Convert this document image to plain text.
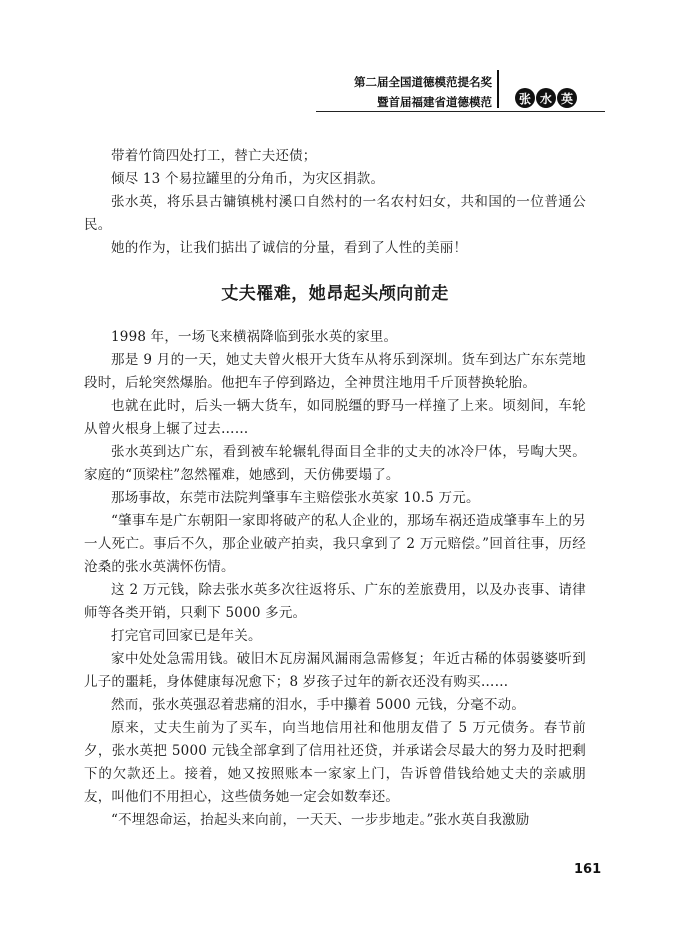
第二届全国道德模范提名奖
暨首届福建省道德模范	张 水 英

带着竹筒四处打工，替亡夫还债；

倾尽 13 个易拉罐里的分角币，为灾区捐款。

张水英，将乐县古镛镇桃村溪口自然村的一名农村妇女，共和国的一位普通公民。

她的作为，让我们掂出了诚信的分量，看到了人性的美丽！

丈夫罹难，她昂起头颅向前走

1998 年，一场飞来横祸降临到张水英的家里。

那是 9 月的一天，她丈夫曾火根开大货车从将乐到深圳。货车到达广东东莞地段时，后轮突然爆胎。他把车子停到路边，全神贯注地用千斤顶替换轮胎。

也就在此时，后头一辆大货车，如同脱缰的野马一样撞了上来。顷刻间，车轮从曾火根身上辗了过去……

张水英到达广东，看到被车轮辗轧得面目全非的丈夫的冰冷尸体，号啕大哭。家庭的“顶梁柱”忽然罹难，她感到，天仿佛要塌了。

那场事故，东莞市法院判肇事车主赔偿张水英家 10.5 万元。

“肇事车是广东朝阳一家即将破产的私人企业的，那场车祸还造成肇事车上的另一人死亡。事后不久，那企业破产拍卖，我只拿到了 2 万元赔偿。”回首往事，历经沧桑的张水英满怀伤情。

这 2 万元钱，除去张水英多次往返将乐、广东的差旅费用，以及办丧事、请律师等各类开销，只剩下 5000 多元。

打完官司回家已是年关。

家中处处急需用钱。破旧木瓦房漏风漏雨急需修复；年近古稀的体弱婆婆听到儿子的噩耗，身体健康每况愈下；8 岁孩子过年的新衣还没有购买……

然而，张水英强忍着悲痛的泪水，手中攥着 5000 元钱，分毫不动。

原来，丈夫生前为了买车，向当地信用社和他朋友借了 5 万元债务。春节前夕，张水英把 5000 元钱全部拿到了信用社还贷，并承诺会尽最大的努力及时把剩下的欠款还上。接着，她又按照账本一家家上门，告诉曾借钱给她丈夫的亲戚朋友，叫他们不用担心，这些债务她一定会如数奉还。

“不埋怨命运，抬起头来向前，一天天、一步步地走。”张水英自我激励

161
